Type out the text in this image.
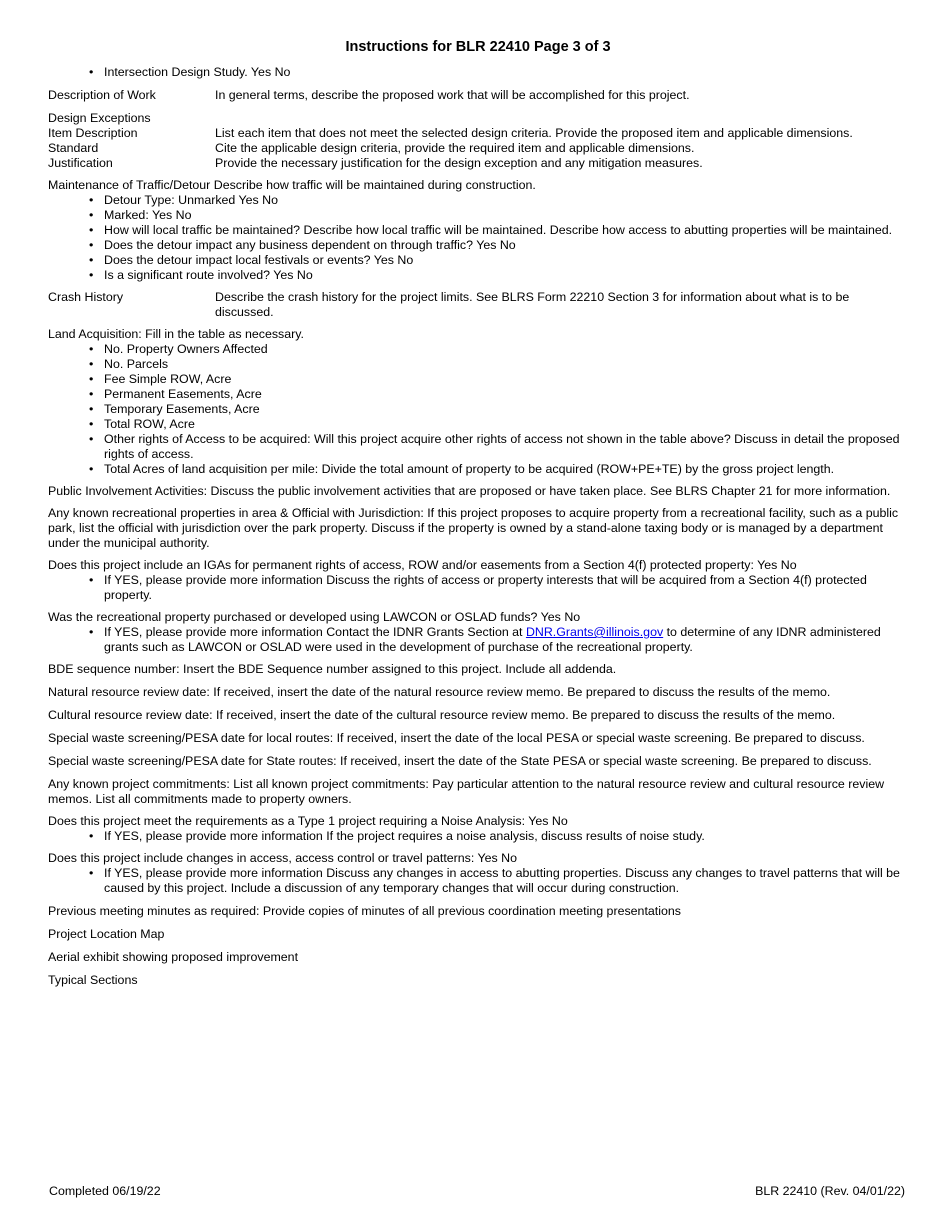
Instructions for BLR 22410 Page 3 of 3
• Intersection Design Study. Yes No
Description of Work	In general terms, describe the proposed work that will be accomplished for this project.

Design Exceptions

Item Description	List each item that does not meet the selected design criteria. Provide the proposed item and applicable dimensions.
Standard	Cite the applicable design criteria, provide the required item and applicable dimensions.
Justification	Provide the necessary justification for the design exception and any mitigation measures.

Maintenance of Traffic/Detour Describe how traffic will be maintained during construction.

• Detour Type: Unmarked Yes No
• Marked: Yes No
• How will local traffic be maintained? Describe how local traffic will be maintained. Describe how access to abutting properties will be maintained.
• Does the detour impact any business dependent on through traffic? Yes No
• Does the detour impact local festivals or events? Yes No
• Is a significant route involved? Yes No
Crash History	Describe the crash history for the project limits. See BLRS Form 22210 Section 3 for information about what is to be discussed.

Land Acquisition: Fill in the table as necessary.

• No. Property Owners Affected
• No. Parcels
• Fee Simple ROW, Acre
• Permanent Easements, Acre
• Temporary Easements, Acre
• Total ROW, Acre
• Other rights of Access to be acquired: Will this project acquire other rights of access not shown in the table above? Discuss in detail the proposed rights of access.
• Total Acres of land acquisition per mile: Divide the total amount of property to be acquired (ROW+PE+TE) by the gross project length.

Public Involvement Activities: Discuss the public involvement activities that are proposed or have taken place. See BLRS Chapter 21 for more information.

Any known recreational properties in area & Official with Jurisdiction: If this project proposes to acquire property from a recreational facility, such as a public park, list the official with jurisdiction over the park property. Discuss if the property is owned by a stand-alone taxing body or is managed by a department under the municipal authority.

Does this project include an IGAs for permanent rights of access, ROW and/or easements from a Section 4(f) protected property: Yes No

• If YES, please provide more information Discuss the rights of access or property interests that will be acquired from a Section 4(f) protected property.

Was the recreational property purchased or developed using LAWCON or OSLAD funds? Yes No

• If YES, please provide more information Contact the IDNR Grants Section at DNR.Grants@illinois.gov to determine of any IDNR administered grants such as LAWCON or OSLAD were used in the development of purchase of the recreational property.

BDE sequence number: Insert the BDE Sequence number assigned to this project. Include all addenda.

Natural resource review date: If received, insert the date of the natural resource review memo. Be prepared to discuss the results of the memo.

Cultural resource review date: If received, insert the date of the cultural resource review memo. Be prepared to discuss the results of the memo.

Special waste screening/PESA date for local routes: If received, insert the date of the local PESA or special waste screening. Be prepared to discuss.

Special waste screening/PESA date for State routes: If received, insert the date of the State PESA or special waste screening. Be prepared to discuss.

Any known project commitments: List all known project commitments: Pay particular attention to the natural resource review and cultural resource review memos. List all commitments made to property owners.

Does this project meet the requirements as a Type 1 project requiring a Noise Analysis: Yes No

• If YES, please provide more information If the project requires a noise analysis, discuss results of noise study.

Does this project include changes in access, access control or travel patterns: Yes No

• If YES, please provide more information Discuss any changes in access to abutting properties. Discuss any changes to travel patterns that will be caused by this project. Include a discussion of any temporary changes that will occur during construction.

Previous meeting minutes as required: Provide copies of minutes of all previous coordination meeting presentations

Project Location Map

Aerial exhibit showing proposed improvement

Typical Sections

Completed 06/19/22	BLR 22410 (Rev. 04/01/22)
